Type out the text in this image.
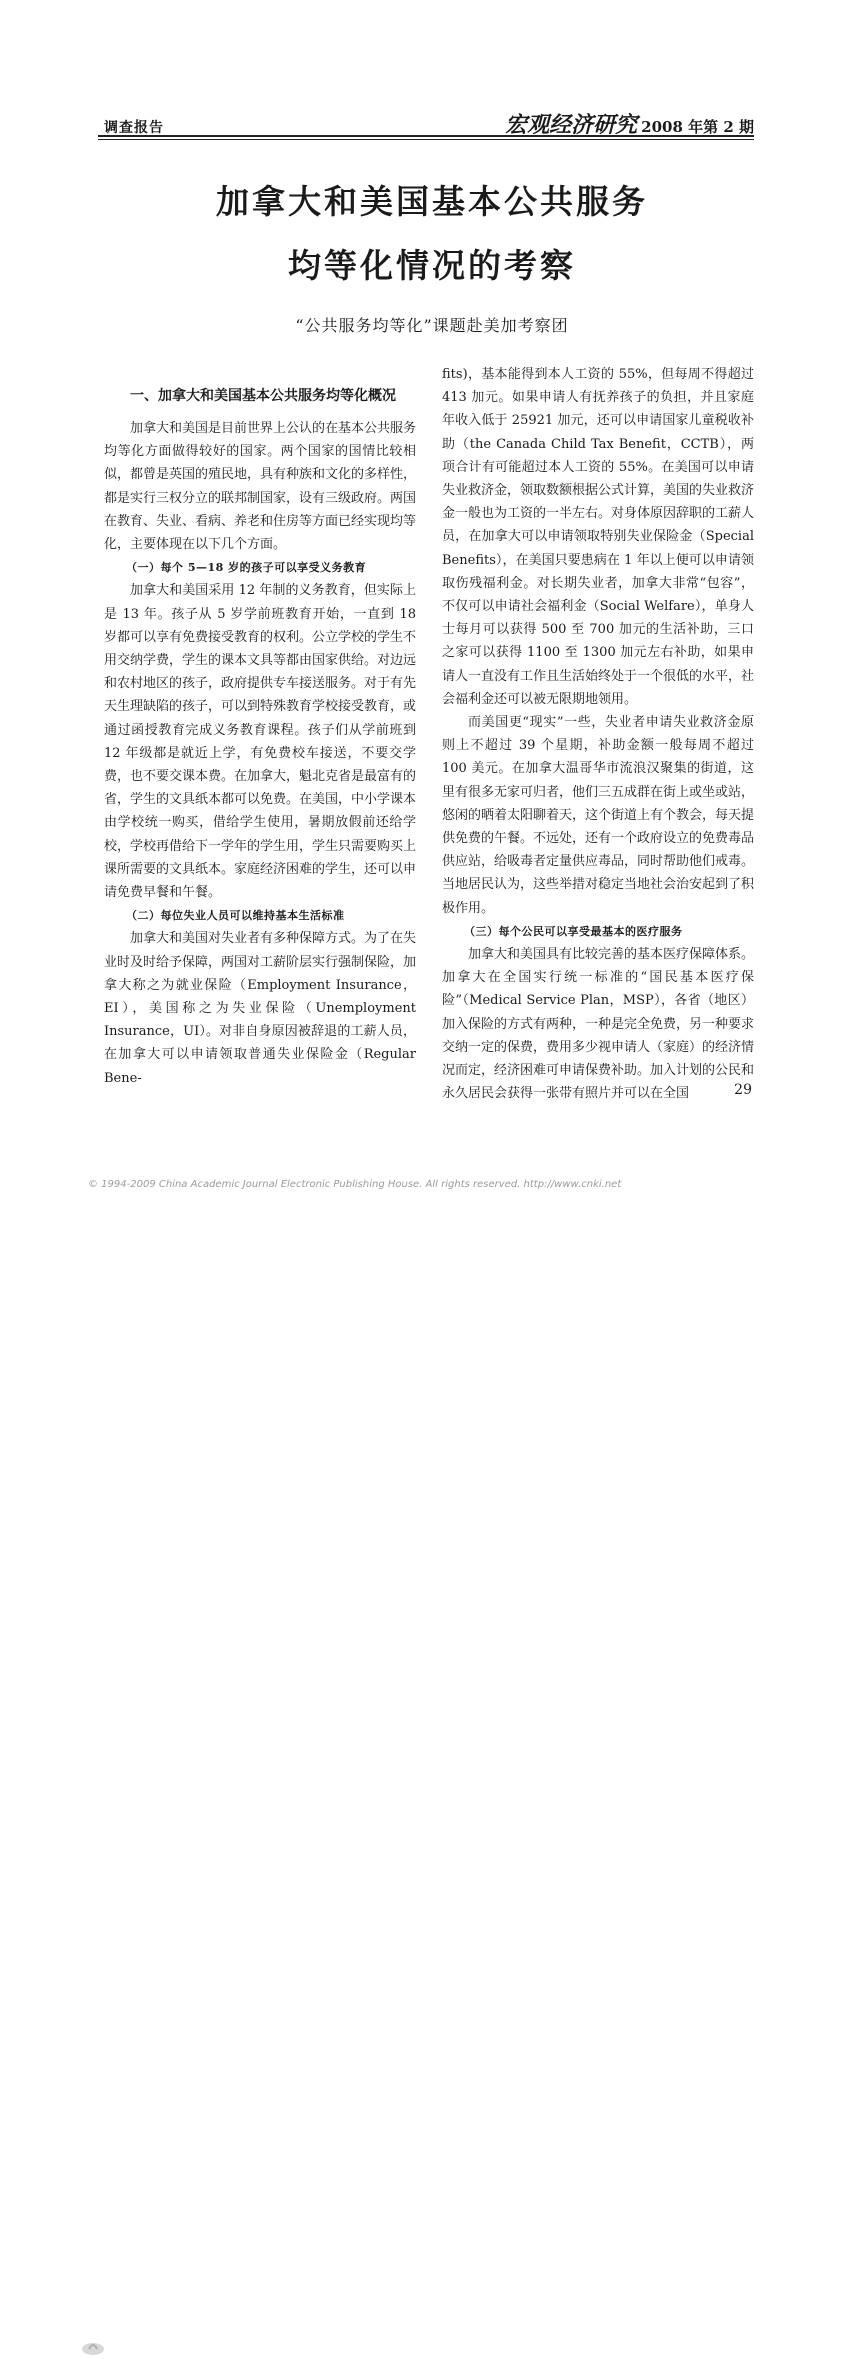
调查报告	宏观经济研究 2008 年第 2 期
加拿大和美国基本公共服务
均等化情况的考察
“公共服务均等化”课题赴美加考察团
一、加拿大和美国基本公共服务均等化概况

加拿大和美国是目前世界上公认的在基本公共服务均等化方面做得较好的国家。两个国家的国情比较相似，都曾是英国的殖民地，具有种族和文化的多样性，都是实行三权分立的联邦制国家，设有三级政府。两国在教育、失业、看病、养老和住房等方面已经实现均等化，主要体现在以下几个方面。

（一）每个 5—18 岁的孩子可以享受义务教育

加拿大和美国采用 12 年制的义务教育，但实际上是 13 年。孩子从 5 岁学前班教育开始，一直到 18 岁都可以享有免费接受教育的权利。公立学校的学生不用交纳学费，学生的课本文具等都由国家供给。对边远和农村地区的孩子，政府提供专车接送服务。对于有先天生理缺陷的孩子，可以到特殊教育学校接受教育，或通过函授教育完成义务教育课程。孩子们从学前班到 12 年级都是就近上学，有免费校车接送，不要交学费，也不要交课本费。在加拿大，魁北克省是最富有的省，学生的文具纸本都可以免费。在美国，中小学课本由学校统一购买，借给学生使用，暑期放假前还给学校，学校再借给下一学年的学生用，学生只需要购买上课所需要的文具纸本。家庭经济困难的学生，还可以申请免费早餐和午餐。

（二）每位失业人员可以维持基本生活标准

加拿大和美国对失业者有多种保障方式。为了在失业时及时给予保障，两国对工薪阶层实行强制保险，加拿大称之为就业保险（Employment Insurance，EI），美国称之为失业保险（Unemployment Insurance，UI）。对非自身原因被辞退的工薪人员，在加拿大可以申请领取普通失业保险金（Regular Bene-

fits)，基本能得到本人工资的 55%，但每周不得超过 413 加元。如果申请人有抚养孩子的负担，并且家庭年收入低于 25921 加元，还可以申请国家儿童税收补助（the Canada Child Tax Benefit，CCTB），两项合计有可能超过本人工资的 55%。在美国可以申请失业救济金，领取数额根据公式计算，美国的失业救济金一般也为工资的一半左右。对身体原因辞职的工薪人员，在加拿大可以申请领取特别失业保险金（Special Benefits），在美国只要患病在 1 年以上便可以申请领取伤残福利金。对长期失业者，加拿大非常“包容”，不仅可以申请社会福利金（Social Welfare），单身人士每月可以获得 500 至 700 加元的生活补助，三口之家可以获得 1100 至 1300 加元左右补助，如果申请人一直没有工作且生活始终处于一个很低的水平，社会福利金还可以被无限期地领用。

而美国更“现实”一些，失业者申请失业救济金原则上不超过 39 个星期，补助金额一般每周不超过 100 美元。在加拿大温哥华市流浪汉聚集的街道，这里有很多无家可归者，他们三五成群在街上或坐或站，悠闲的晒着太阳聊着天，这个街道上有个教会，每天提供免费的午餐。不远处，还有一个政府设立的免费毒品供应站，给吸毒者定量供应毒品，同时帮助他们戒毒。当地居民认为，这些举措对稳定当地社会治安起到了积极作用。

（三）每个公民可以享受最基本的医疗服务

加拿大和美国具有比较完善的基本医疗保障体系。加拿大在全国实行统一标准的“国民基本医疗保险”（Medical Service Plan，MSP），各省（地区）加入保险的方式有两种，一种是完全免费，另一种要求交纳一定的保费，费用多少视申请人（家庭）的经济情况而定，经济困难可申请保费补助。加入计划的公民和永久居民会获得一张带有照片并可以在全国	29
© 1994-2009 China Academic Journal Electronic Publishing House. All rights reserved. http://www.cnki.net
